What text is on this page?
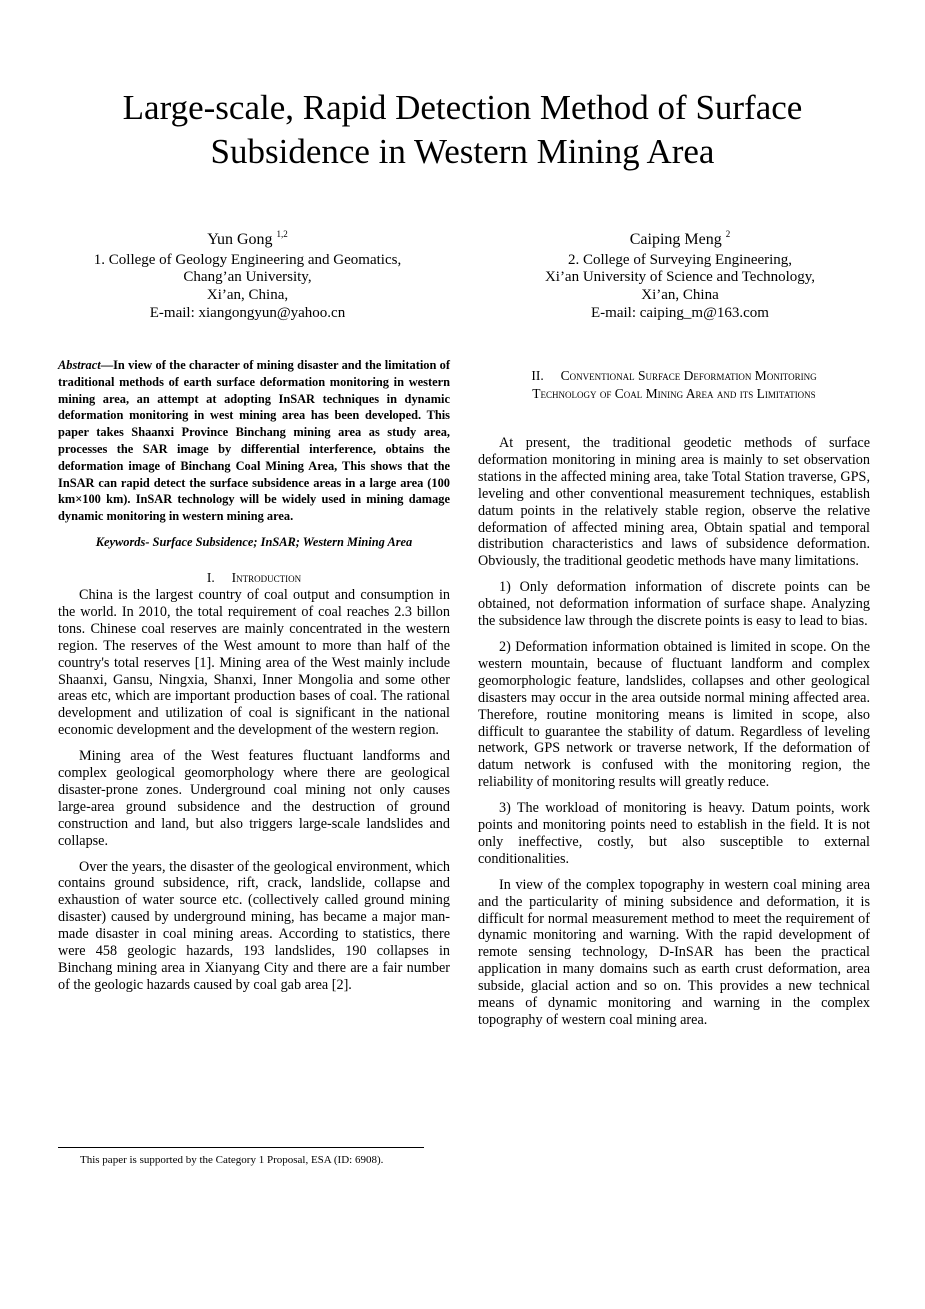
Large-scale, Rapid Detection Method of Surface
Subsidence in Western Mining Area
Yun Gong $^{1,2}$
1. College of Geology Engineering and Geomatics,
Chang’an University,
Xi’an, China,
E-mail: xiangongyun@yahoo.cn
Caiping Meng $^2$
2. College of Surveying Engineering,
Xi’an University of Science and Technology,
Xi’an, China
E-mail: caiping_m@163.com

Abstract—In view of the character of mining disaster and the limitation of traditional methods of earth surface deformation monitoring in western mining area, an attempt at adopting InSAR techniques in dynamic deformation monitoring in west mining area has been developed. This paper takes Shaanxi Province Binchang mining area as study area, processes the SAR image by differential interference, obtains the deformation image of Binchang Coal Mining Area, This shows that the InSAR can rapid detect the surface subsidence areas in a large area (100 km×100 km). InSAR technology will be widely used in mining damage dynamic monitoring in western mining area.

Keywords- Surface Subsidence; InSAR; Western Mining Area

I. Introduction

China is the largest country of coal output and consumption in the world. In 2010, the total requirement of coal reaches 2.3 billon tons. Chinese coal reserves are mainly concentrated in the western region. The reserves of the West amount to more than half of the country's total reserves [1]. Mining area of the West mainly include Shaanxi, Gansu, Ningxia, Shanxi, Inner Mongolia and some other areas etc, which are important production bases of coal. The rational development and utilization of coal is significant in the national economic development and the development of the western region.

Mining area of the West features fluctuant landforms and complex geological geomorphology where there are geological disaster-prone zones. Underground coal mining not only causes large-area ground subsidence and the destruction of ground construction and land, but also triggers large-scale landslides and collapse.

Over the years, the disaster of the geological environment, which contains ground subsidence, rift, crack, landslide, collapse and exhaustion of water source etc. (collectively called ground mining disaster) caused by underground mining, has became a major man-made disaster in coal mining areas. According to statistics, there were 458 geologic hazards, 193 landslides, 190 collapses in Binchang mining area in Xianyang City and there are a fair number of the geologic hazards caused by coal gab area [2].

II. Conventional Surface Deformation Monitoring
Technology of Coal Mining Area and its Limitations

At present, the traditional geodetic methods of surface deformation monitoring in mining area is mainly to set observation stations in the affected mining area, take Total Station traverse, GPS, leveling and other conventional measurement techniques, establish datum points in the relatively stable region, observe the relative deformation of affected mining area, Obtain spatial and temporal distribution characteristics and laws of subsidence deformation. Obviously, the traditional geodetic methods have many limitations.

1) Only deformation information of discrete points can be obtained, not deformation information of surface shape. Analyzing the subsidence law through the discrete points is easy to lead to bias.

2) Deformation information obtained is limited in scope. On the western mountain, because of fluctuant landform and complex geomorphologic feature, landslides, collapses and other geological disasters may occur in the area outside normal mining affected area. Therefore, routine monitoring means is limited in scope, also difficult to guarantee the stability of datum. Regardless of leveling network, GPS network or traverse network, If the deformation of datum network is confused with the monitoring region, the reliability of monitoring results will greatly reduce.

3) The workload of monitoring is heavy. Datum points, work points and monitoring points need to establish in the field. It is not only ineffective, costly, but also susceptible to external conditionalities.

In view of the complex topography in western coal mining area and the particularity of mining subsidence and deformation, it is difficult for normal measurement method to meet the requirement of dynamic monitoring and warning. With the rapid development of remote sensing technology, D-InSAR has been the practical application in many domains such as earth crust deformation, area subside, glacial action and so on. This provides a new technical means of dynamic monitoring and warning in the complex topography of western coal mining area.

This paper is supported by the Category 1 Proposal, ESA (ID: 6908).
